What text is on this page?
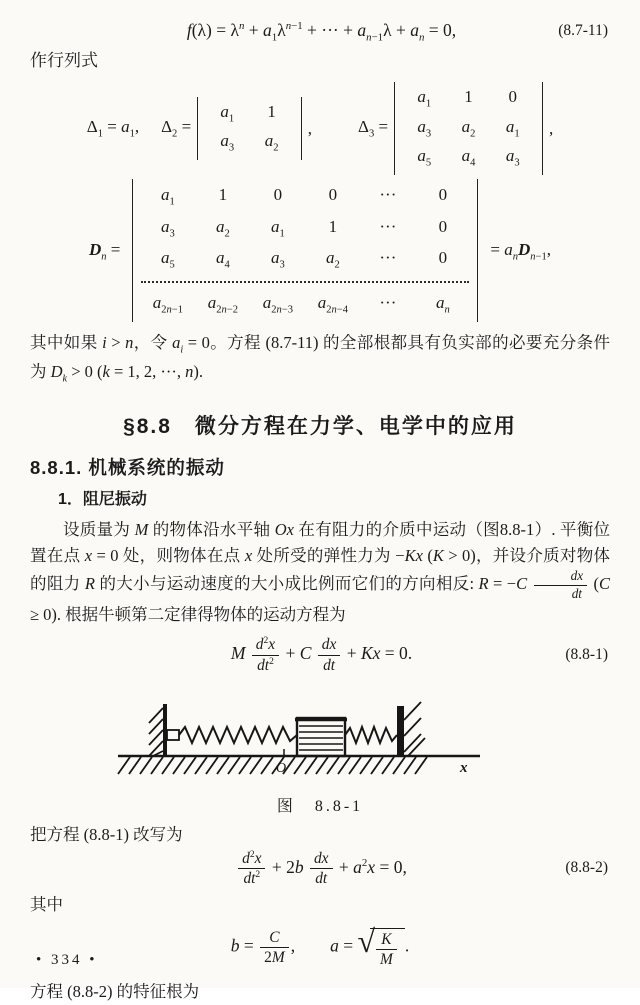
$f(\lambda) = \lambda^n + a_1\lambda^{n-1}$ + ··· + $a_{n-1}\lambda + a_n = 0$,	(8.7-11)
作行列式
$\Delta_1 = a_1$, $\Delta_2$ =
$a_1$	1
$a_3$	$a_2$
,	$\Delta_3$ =
$a_1$	1	0
$a_3$	$a_2$	$a_1$
$a_5$	$a_4$	$a_3$
,
$D_n$ =
$a_1$	1	0	0	···	0
$a_3$	$a_2$	$a_1$	1	···	0
$a_5$	$a_4$	$a_3$	$a_2$	···	0
$a_{2n-1}$	$a_{2n-2}$	$a_{2n-3}$	$a_{2n-4}$	···	$a_n$
= $a_nD_{n-1}$,
其中如果 i > n，令 $a_i = 0$。方程 (8.7-11) 的全部根都具有负实部的必要充分条件为 $D_k > 0$ (k = 1, 2, ···, n).
§8.8　微分方程在力学、电学中的应用
8.8.1. 机械系统的振动
1．阻尼振动
设质量为 M 的物体沿水平轴 Ox 在有阻力的介质中运动（图8.8-1）. 平衡位置在点 x = 0 处，则物体在点 x 处所受的弹性力为 −Kx (K > 0)，并设介质对物体的阻力 R 的大小与运动速度的大小成比例而它们的方向相反: $R = -C \frac{dx}{dt} (C \ge 0)$. 根据牛顿第二定律得物体的运动方程为
M $\frac{d^2x}{dt^2} + C \frac{dx}{dt} + Kx = 0$.	(8.8-1)
O	x
图　8.8-1
把方程 (8.8-1) 改写为
$\frac{d^2x}{dt^2} + 2b \frac{dx}{dt} + a^2x = 0$,	(8.8-2)
其中
$b = \frac{C}{2M}$ ,  a = √ $\frac{K}{M}$ .
方程 (8.8-2) 的特征根为
• 334 •
